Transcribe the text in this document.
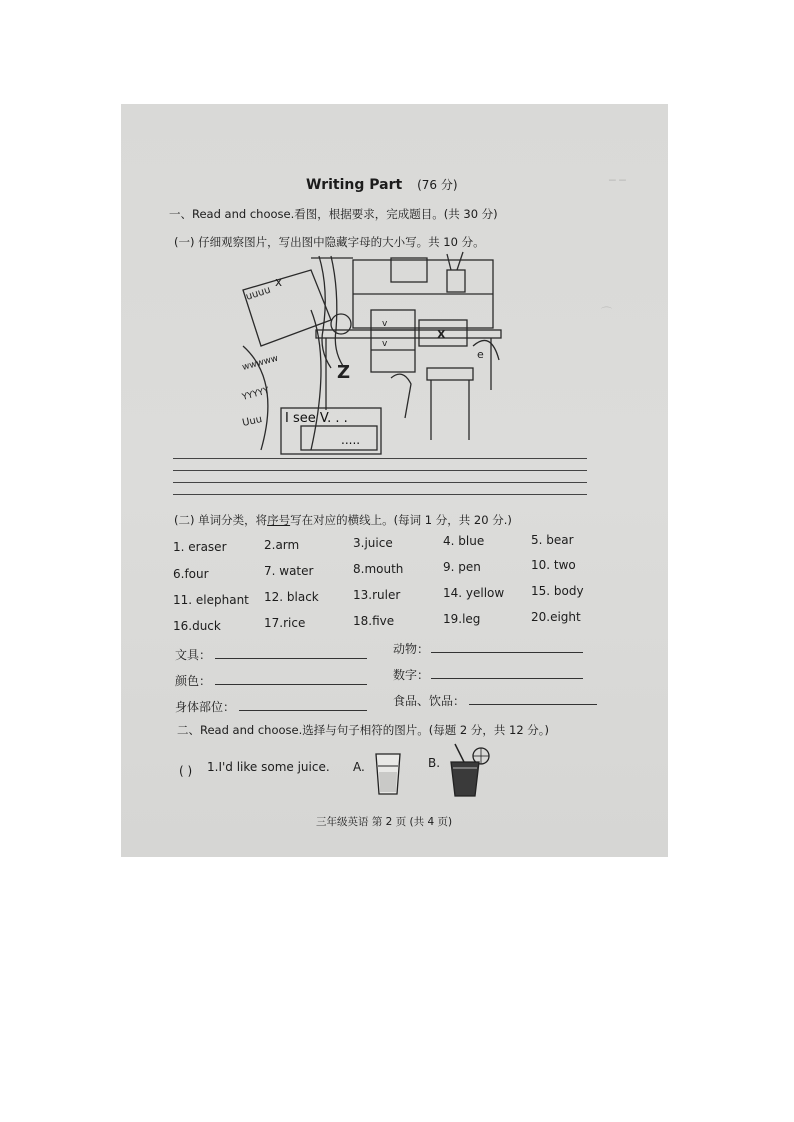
─ ─
⌒
Writing Part (76 分)
一、Read and choose.看图，根据要求，完成题目。(共 30 分)
(一) 仔细观察图片，写出图中隐藏字母的大小写。共 10 分。
uuuu
x
wwwww
YYYYY
Uuu
v
v
X
Z
e
I see V. . .
.....
(二) 单词分类，将序号写在对应的横线上。(每词 1 分，共 20 分.)
1. eraser	2.arm	3.juice	4. blue	5. bear
6.four	7. water	8.mouth	9. pen	10. two
11. elephant 12. black	13.ruler	14. yellow 15. body
16.duck	17.rice	18.five	19.leg	20.eight
文具：	动物：
颜色：	数字：
身体部位：	食品、饮品：
二、Read and choose.选择与句子相符的图片。(每题 2 分，共 12 分。)
( ) 1.I'd like some juice. A.	B.
三年级英语 第 2 页 (共 4 页)
